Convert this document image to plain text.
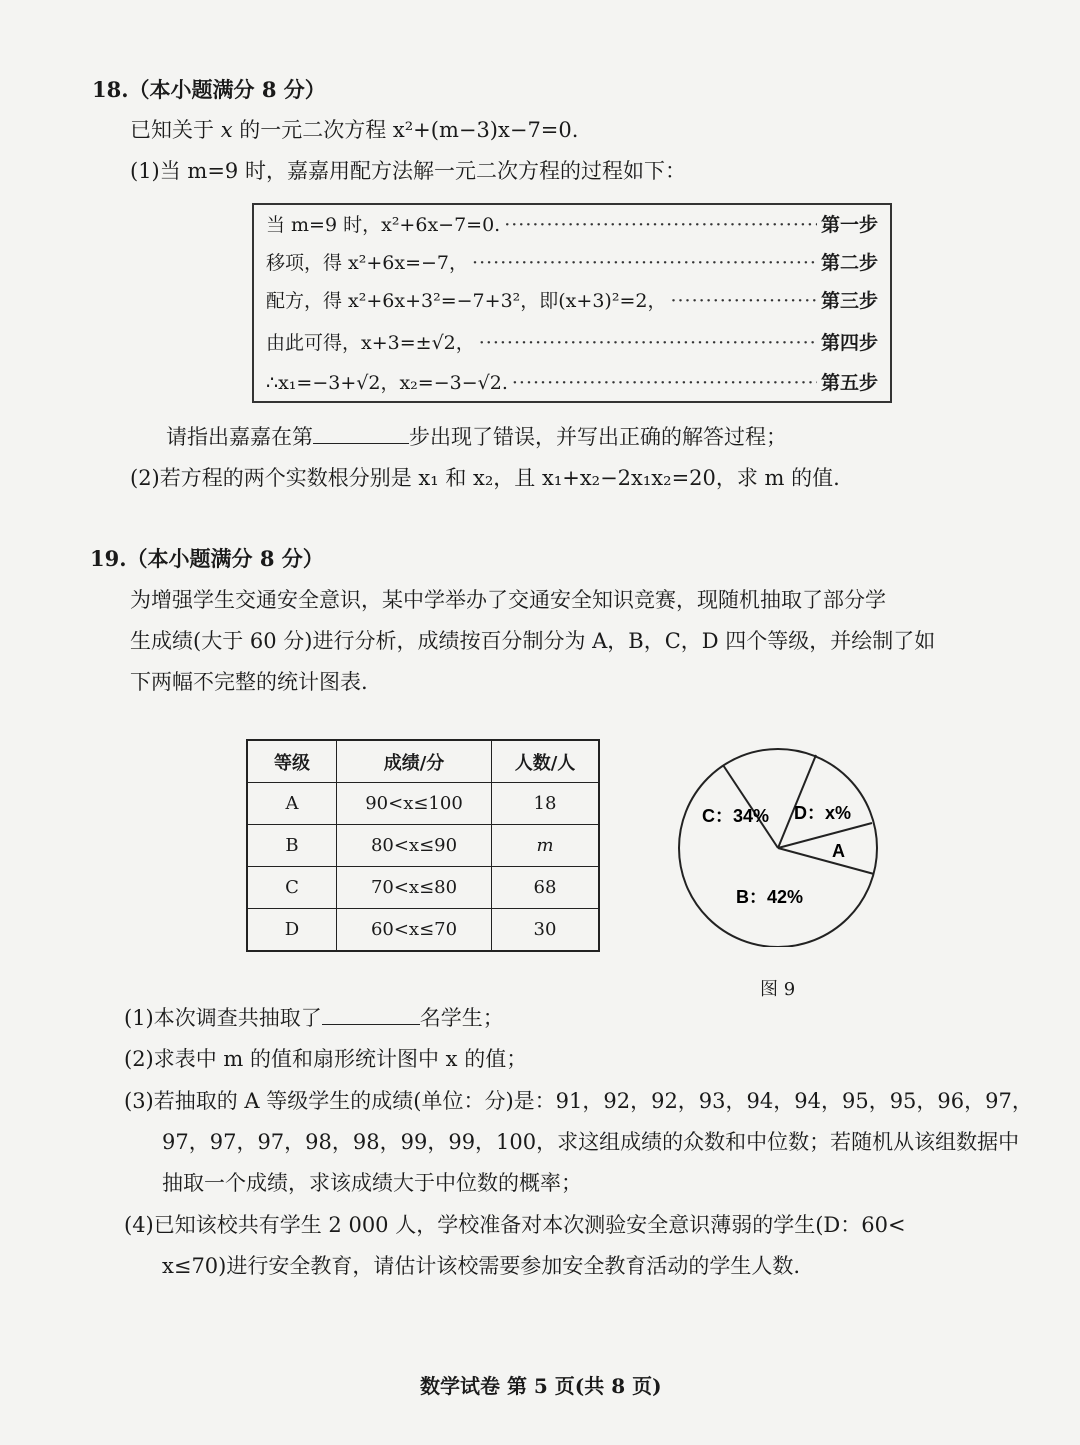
18.（本小题满分 8 分）
已知关于 x 的一元二次方程 x²+(m−3)x−7=0.
(1)当 m=9 时，嘉嘉用配方法解一元二次方程的过程如下：
当 m=9 时，x²+6x−7=0. ·····	第一步
移项，得 x²+6x=−7， ·····	第二步
配方，得 x²+6x+3²=−7+3²，即(x+3)²=2， ·····	第三步
由此可得，x+3=±√2， ·····	第四步
∴x₁=−3+√2，x₂=−3−√2. ·····	第五步
请指出嘉嘉在第	步出现了错误，并写出正确的解答过程；
(2)若方程的两个实数根分别是 x₁ 和 x₂，且 x₁+x₂−2x₁x₂=20，求 m 的值.
19.（本小题满分 8 分）
为增强学生交通安全意识，某中学举办了交通安全知识竞赛，现随机抽取了部分学
生成绩(大于 60 分)进行分析，成绩按百分制分为 A，B，C，D 四个等级，并绘制了如
下两幅不完整的统计图表.
等级	成绩/分	人数/人
A	90<x≤100	18
B	80<x≤90	m
C	70<x≤80	68
D	60<x≤70	30
C：34% D：x%
A
B：42%
图 9
(1)本次调查共抽取了	名学生；
(2)求表中 m 的值和扇形统计图中 x 的值；
(3)若抽取的 A 等级学生的成绩(单位：分)是：91，92，92，93，94，94，95，95，96，97，
97，97，97，98，98，99，99，100，求这组成绩的众数和中位数；若随机从该组数据中
抽取一个成绩，求该成绩大于中位数的概率；
(4)已知该校共有学生 2 000 人，学校准备对本次测验安全意识薄弱的学生(D：60<
x≤70)进行安全教育，请估计该校需要参加安全教育活动的学生人数.
数学试卷 第 5 页(共 8 页)
